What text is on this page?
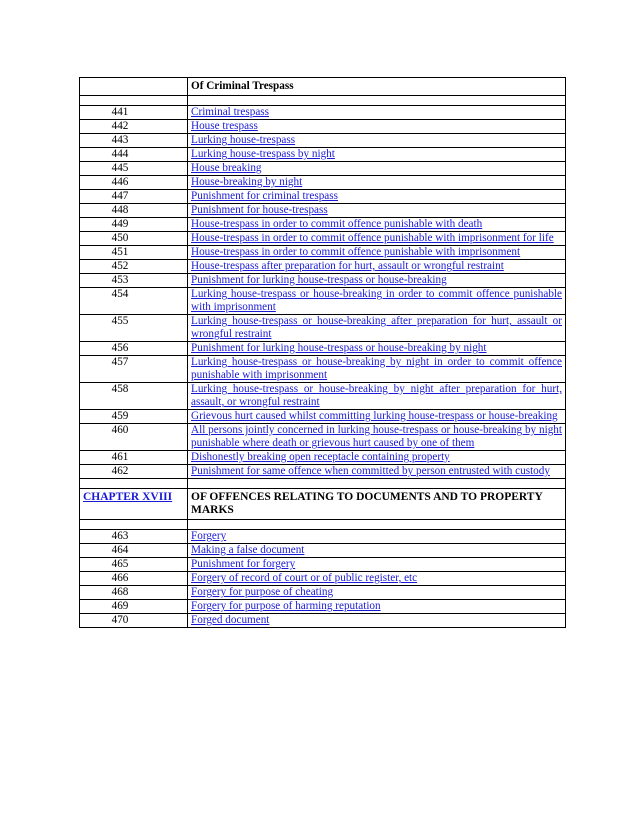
	Of Criminal Trespass

441	Criminal trespass
442	House trespass
443	Lurking house-trespass
444	Lurking house-trespass by night
445	House breaking
446	House-breaking by night
447	Punishment for criminal trespass
448	Punishment for house-trespass
449	House-trespass in order to commit offence punishable with death
450	House-trespass in order to commit offence punishable with imprisonment for life
451	House-trespass in order to commit offence punishable with imprisonment
452	House-trespass after preparation for hurt, assault or wrongful restraint
453	Punishment for lurking house-trespass or house-breaking
454	Lurking house-trespass or house-breaking in order to commit offence punishable with imprisonment
455	Lurking house-trespass or house-breaking after preparation for hurt, assault or wrongful restraint
456	Punishment for lurking house-trespass or house-breaking by night
457	Lurking house-trespass or house-breaking by night in order to commit offence punishable with imprisonment
458	Lurking house-trespass or house-breaking by night after preparation for hurt, assault, or wrongful restraint
459	Grievous hurt caused whilst committing lurking house-trespass or house-breaking
460	All persons jointly concerned in lurking house-trespass or house-breaking by night punishable where death or grievous hurt caused by one of them
461	Dishonestly breaking open receptacle containing property
462	Punishment for same offence when committed by person entrusted with custody

CHAPTER XVIII	OF OFFENCES RELATING TO DOCUMENTS AND TO PROPERTY MARKS

463	Forgery
464	Making a false document
465	Punishment for forgery
466	Forgery of record of court or of public register, etc
468	Forgery for purpose of cheating
469	Forgery for purpose of harming reputation
470	Forged document
